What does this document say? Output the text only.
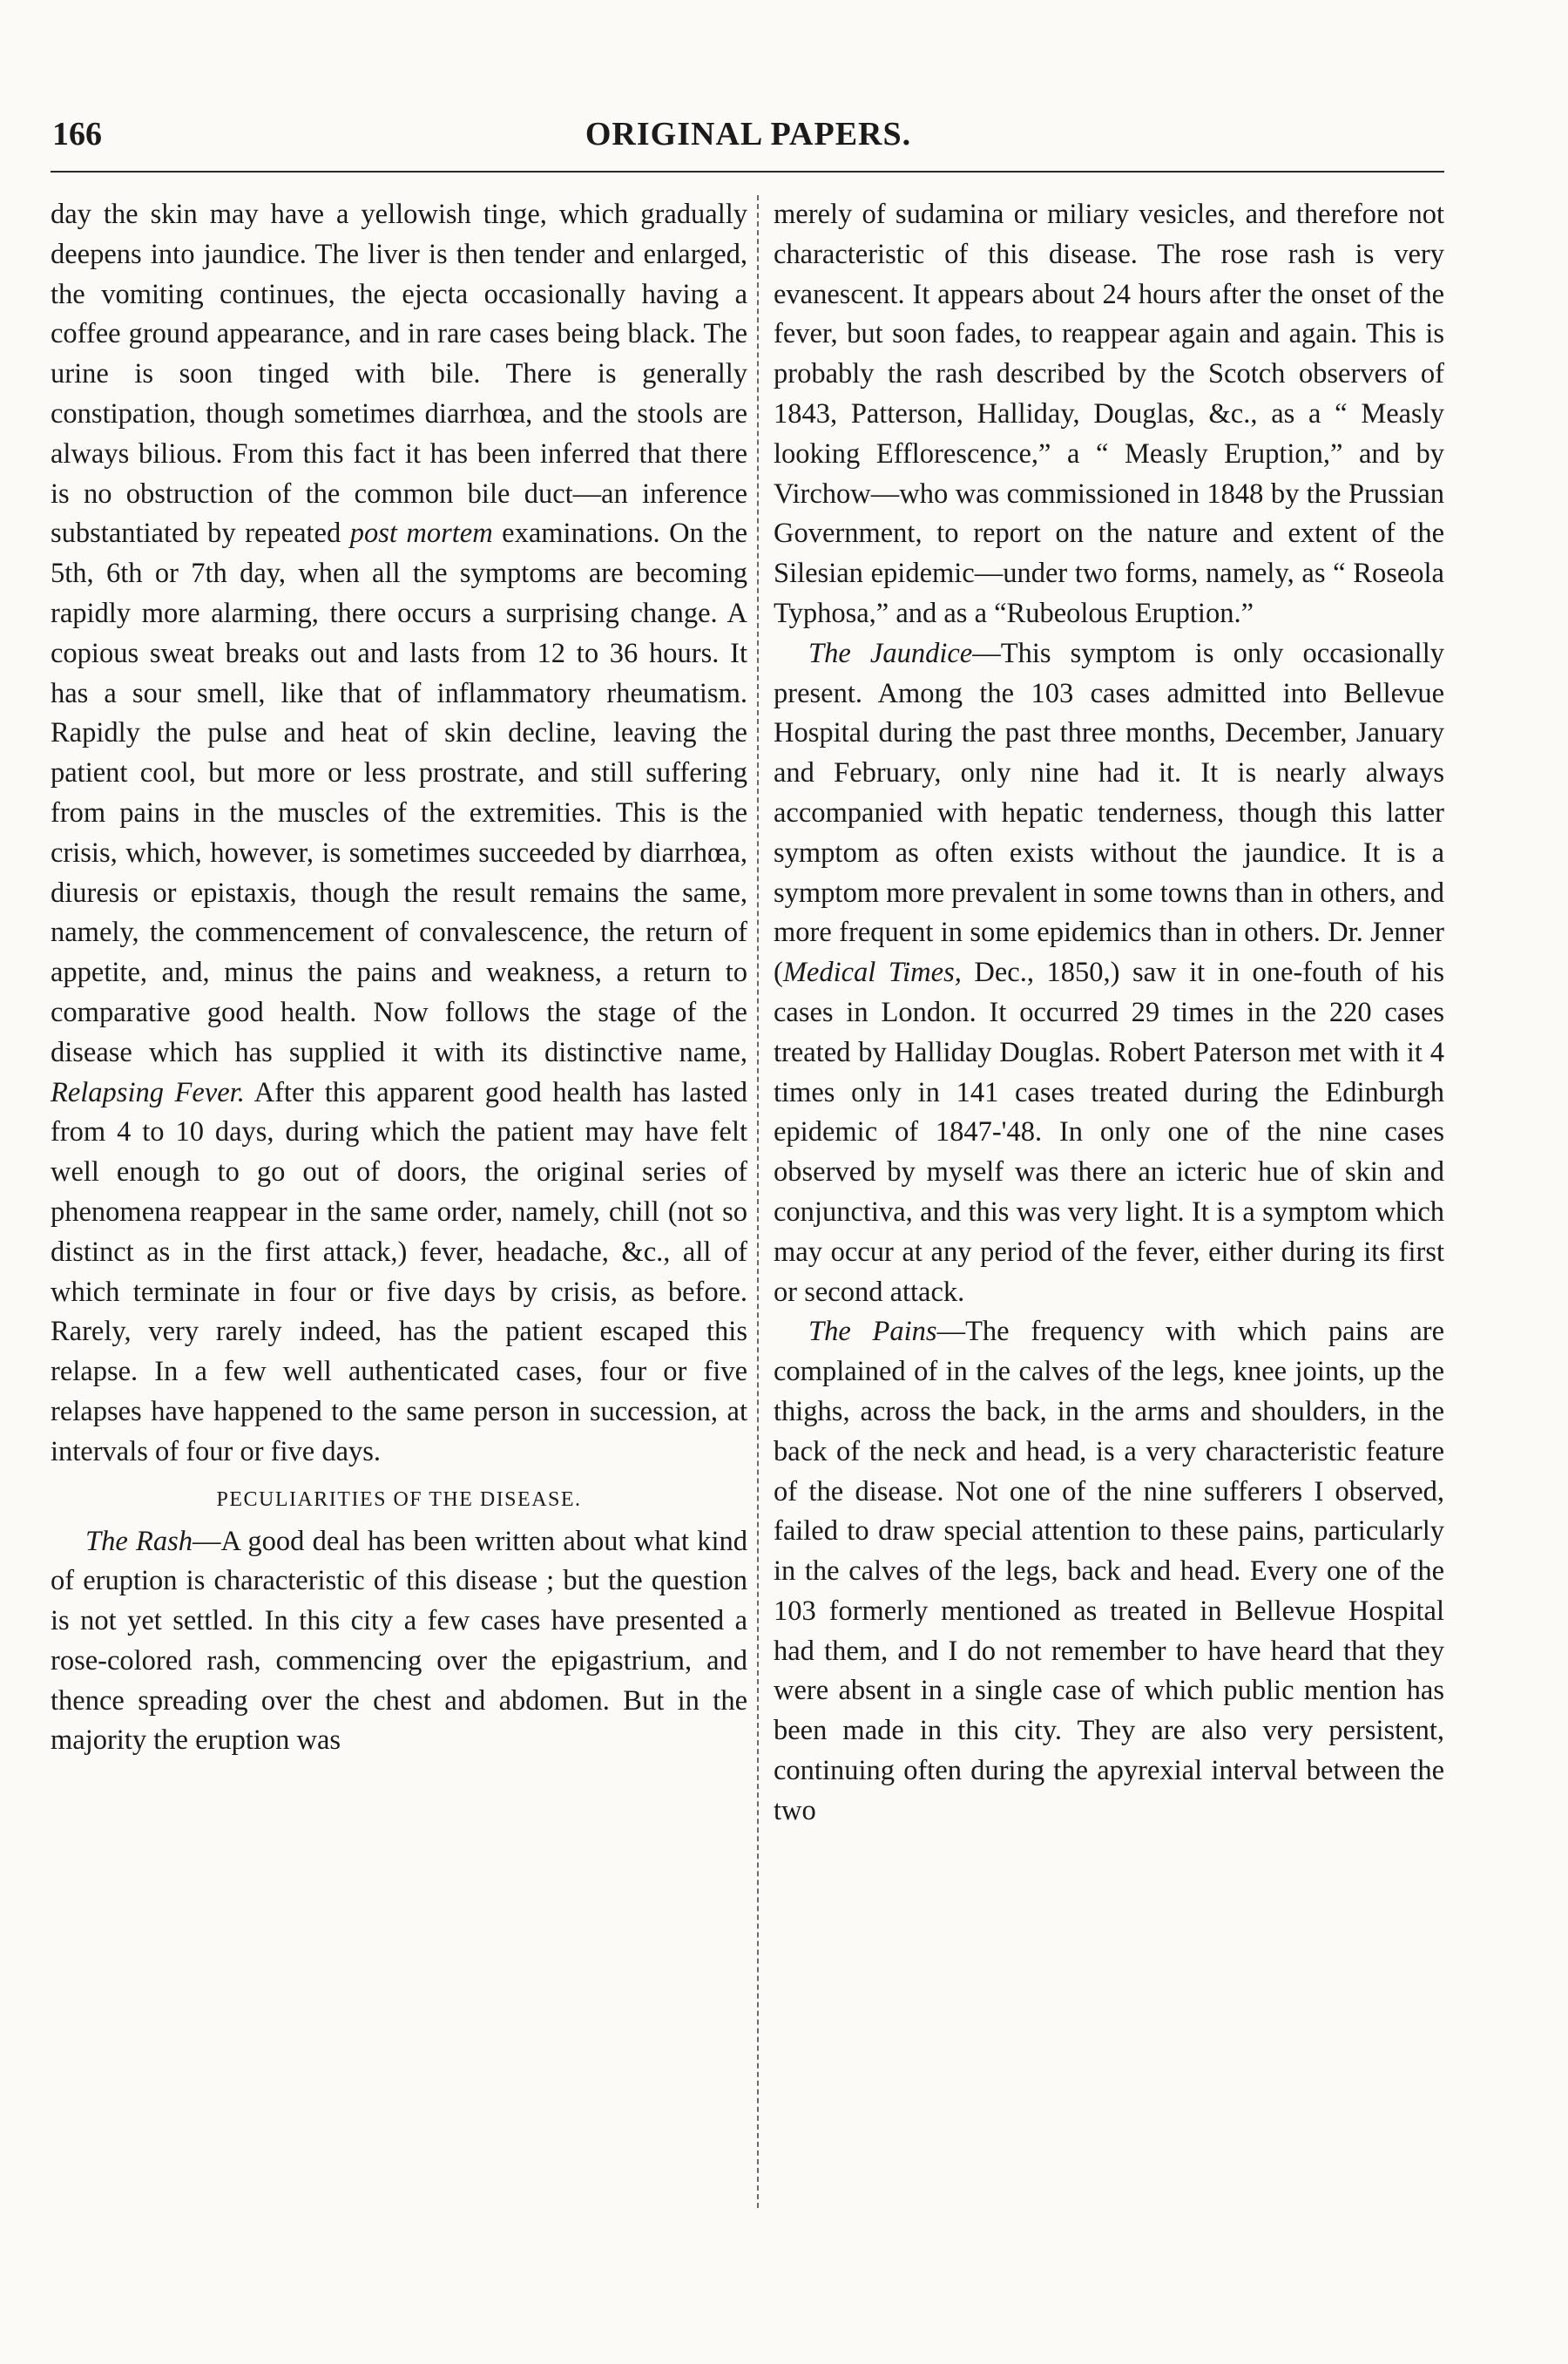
166	ORIGINAL PAPERS.

day the skin may have a yellowish tinge, which gradually deepens into jaundice. The liver is then tender and enlarged, the vomiting continues, the ejecta occasionally having a coffee ground appearance, and in rare cases being black. The urine is soon tinged with bile. There is generally constipation, though sometimes diarrhœa, and the stools are always bilious. From this fact it has been inferred that there is no obstruction of the common bile duct—an inference substantiated by repeated post mortem examinations. On the 5th, 6th or 7th day, when all the symptoms are becoming rapidly more alarming, there occurs a surprising change. A copious sweat breaks out and lasts from 12 to 36 hours. It has a sour smell, like that of inflammatory rheumatism. Rapidly the pulse and heat of skin decline, leaving the patient cool, but more or less prostrate, and still suffering from pains in the muscles of the extremities. This is the crisis, which, however, is sometimes succeeded by diarrhœa, diuresis or epistaxis, though the result remains the same, namely, the commencement of convalescence, the return of appetite, and, minus the pains and weakness, a return to comparative good health. Now follows the stage of the disease which has supplied it with its distinctive name, Relapsing Fever. After this apparent good health has lasted from 4 to 10 days, during which the patient may have felt well enough to go out of doors, the original series of phenomena reappear in the same order, namely, chill (not so distinct as in the first attack,) fever, headache, &c., all of which terminate in four or five days by crisis, as before. Rarely, very rarely indeed, has the patient escaped this relapse. In a few well authenticated cases, four or five relapses have happened to the same person in succession, at intervals of four or five days.

PECULIARITIES OF THE DISEASE.

The Rash—A good deal has been written about what kind of eruption is characteristic of this disease ; but the question is not yet settled. In this city a few cases have presented a rose-colored rash, commencing over the epigastrium, and thence spreading over the chest and abdomen. But in the majority the eruption was

merely of sudamina or miliary vesicles, and therefore not characteristic of this disease. The rose rash is very evanescent. It appears about 24 hours after the onset of the fever, but soon fades, to reappear again and again. This is probably the rash described by the Scotch observers of 1843, Patterson, Halliday, Douglas, &c., as a “ Measly looking Efflorescence,” a “ Measly Eruption,” and by Virchow—who was commissioned in 1848 by the Prussian Government, to report on the nature and extent of the Silesian epidemic—under two forms, namely, as “ Roseola Typhosa,” and as a “Rubeolous Eruption.”

The Jaundice—This symptom is only occasionally present. Among the 103 cases admitted into Bellevue Hospital during the past three months, December, January and February, only nine had it. It is nearly always accompanied with hepatic tenderness, though this latter symptom as often exists without the jaundice. It is a symptom more prevalent in some towns than in others, and more frequent in some epidemics than in others. Dr. Jenner (Medical Times, Dec., 1850,) saw it in one-fouth of his cases in London. It occurred 29 times in the 220 cases treated by Halliday Douglas. Robert Paterson met with it 4 times only in 141 cases treated during the Edinburgh epidemic of 1847-'48. In only one of the nine cases observed by myself was there an icteric hue of skin and conjunctiva, and this was very light. It is a symptom which may occur at any period of the fever, either during its first or second attack.

The Pains—The frequency with which pains are complained of in the calves of the legs, knee joints, up the thighs, across the back, in the arms and shoulders, in the back of the neck and head, is a very characteristic feature of the disease. Not one of the nine sufferers I observed, failed to draw special attention to these pains, particularly in the calves of the legs, back and head. Every one of the 103 formerly mentioned as treated in Bellevue Hospital had them, and I do not remember to have heard that they were absent in a single case of which public mention has been made in this city. They are also very persistent, continuing often during the apyrexial interval between the two
